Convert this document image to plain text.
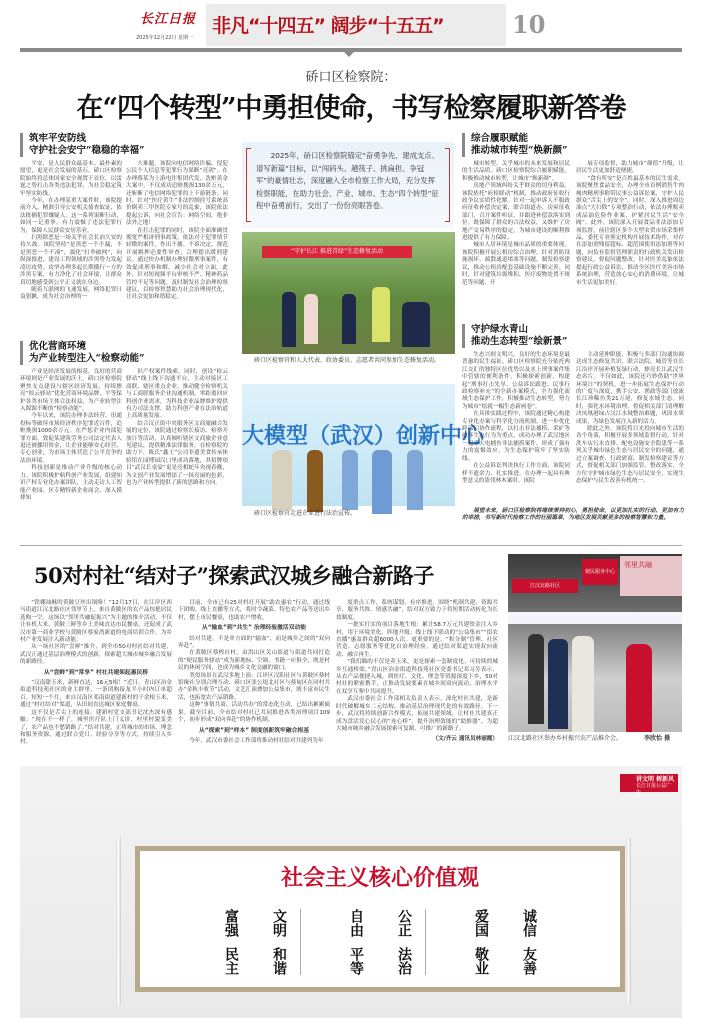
长江日报
2025年12月22日 星期一
非凡“十四五” 阔步“十五五”	10
硚口区检察院：
在“四个转型”中勇担使命，书写检察履职新答卷
筑牢平安防线
守护社会安宁“稳稳的幸福”

平安，是人民群众最基本、最朴素的愿望，更是社会发展的基石。硚口区检察院始终将总体国家安全观置于首位，以雷霆之势打击各类违法犯罪，为社会稳定筑牢坚实防线。

今年，在办理某重大案件时，该院提前介入，精准引导公安机关侦查取证，依法批捕犯罪嫌疑人。这一系列果断行动，如同一记重拳，有力震慑了违法犯罪行为，保障人民群众安居乐业。

扫黑除恶是一场关乎社会长治久安的持久战。该院坚持“是黑恶一个不漏，不是黑恶一个不凑”，强化“打伞破网”，向纵深推进，建设工程领域的涉黑势力发起凌厉攻势。攻坚办理多起长期横行一方的涉黑专案，有力净化了社会环境，让群众真切地感受到公平正义就在身边。

随着互联网的飞速发展，网络犯罪日益猖獗，成为社会治理的一

大难题。该院向电信网络诈骗、侵犯公民个人信息等犯罪行为果断“亮剑”。在办理蔡某为上游电诈集团代发、洗赃黄金大案中，不仅成功追赃挽损130余万元，还斩断了电信网络犯罪的上下游链条。同时，针对“医疗黄牛”非法控制挂号系统高价倒卖三甲医院专家号的乱象，该院依法提起公诉，向社会宣告：网络空间，绝非法外之地！

在打击犯罪的同时，该院全面准确贯彻宽严相济刑事政策。依法对于犯罪情节轻微的案件，作出不捕、不诉决定，规范开展羁押必要性审查，合理提出缓刑建议。通过快办机制办理轻微刑事案件，有效促成刑事和解，减少社会对立面。此外，针对短视频平台审核不严、精神药品管控不足等问题，及时制发社会治理检察建议，以检察智慧助力社会治理现代化，让社会更加和谐稳定。

优化营商环境
为产业转型注入“检察动能”

产业是经济发展的根基，良好的营商环境则是产业发展的沃土。硚口区检察院聚焦支点建设与辖区经济发展，持续擦亮“检云驿站”优化营商环境品牌，平等保护各类市场主体合法权益，为产业转型注入源源不断的“检察动能”。

今年以来，该院办理非法经营、串通投标等破坏市场经济秩序犯罪近百件，追赃挽损1000余万元。在严惩企业内部犯罪方面，敦促某建筑劳务公司法定代表人退还被挪用资金，让企业能够安心经营、专心创业，为市场主体营造了公平竞争的法治环境。

科技创新是推动产业升级的核心动力。该院积极护航科创产业发展，组建知识产权专业化办案团队，主动走访人工智能产业园、区专精特新企业商会，深入摸排知

识产权案件线索。同时，创设“检云驿站”线上线下沟通平台，主动对接区工商联、辖区重点企业，推动健全检察机关与工商联服务企业沟通机制，零距离回应科创企业需求，为科技企业品牌维护提供有力司法支撑，助力科创产业在法治轨道上高质量发展。

结合汉正街中央服务区文商旅融合发展的定位，该院通过检察长接访、检察开放日等活动，认真倾听辖区文商旅企业意见建议，提供精准法律服务。在检察院的助力下，陈氏“鑫王”公司非遗美食传承体验馆在园博园汉口里成功落地，其招牌项目“武汉长桌宴”更是亮相蛇年央视春晚，为文创产业发展增添了一抹亮丽的色彩，也为产业转型提供了新的思路和方向。

2025年，硚口区检察院锚定“奋勇争先、建成支点、谱写新篇”目标，以“闯码头、趟筏子、挑扁担、争冠军”的豪情壮志，深度融入全市检察工作大局，充分发挥检察职能，在助力社会、产业、城市、生态“四个转型”征程中奋勇前行，交出了一份份亮眼答卷。
“守护长江 推进青绿”生态修复活动
硚口区检察官和人大代表、政协委员、志愿者共同参加生态修复活动。
大模型（武汉）创新中心
硚口区检察官走进企业进行法治宣传。
综合履职赋能
推动城市转型“焕新颜”

城市转型，关乎城市的未来发展和居民的生活品质。硚口区检察院综合履职赋能，积极推动城市转型，让城市“焕新颜”。

房地产领域纠纷关乎群众的切身利益。该院依托“府检联动”机制，推动政府征收行政争议实质性化解。针对一起申诉人不服政府征收补偿决定案，联合街道办、房屋征收部门，召开案件听证，并跟进补偿款落实到位。既保障了群众的合法权益，又维护了房地产交易秩序的稳定，为城市建设的顺利推进提供了有力保障。

城市人居环境是城市品质的重要体现。该院积极开展公租房综合治理，针对消防设施损坏、疏散通道堵塞等问题，制发检察建议，推动公租房配套基础设施不断完善。同时，针对建筑垃圾堆积、医疗废物处置不规范等问题，开

展专项监督，助力城市“颜值”升级，让居民生活更加舒适便捷。

“食有所安”是百姓最基本的民生需求。该院聚焦食品安全，办理全市首例销售牛肉瘦肉精刑事附带民事公益诉讼案，守护人民群众“舌尖上的安全”。同时，深入推进周边油点“大扫除”专项整治行动，依法办理贩卖成品油危险作业案，护紧居民生活“安全阀”。此外，该院深入开展食品非法添加专项监督，前往辖区多个大型农贸市场采集样品，委托专业鉴定机构开展技术协作，对存在添加剂残留超标、超范围使用添加剂等问题，向负有监督管理职责的行政机关发出检察建议，督促问题整改。针对医美乱象依法提起行政公益诉讼，推动全区医疗美容市场系统治理，营造放心安心的消费环境，让城市生活更加美好。

守护绿水青山
推动生态转型“绘新景”

生态兴则文明兴，良好的生态环境是最普惠的民生福祉。硚口区检察院充分依托两江交汇的独特区位优势以及水上刑事案件集中管辖的便利条件，积极探索创新，构建起“刑事打击先导、公益诉讼跟进、民事行政检察补充”的全新办案模式，全力强化流域生态保护工作，积极推动生态转型，努力为城市“绘就一幅生态新画卷”。

在具体实践过程中，该院通过精心构建专业化办案与科学化分流机制，进一步优化跨部门协作流程，以打击非法捕捞、采矿等破坏生态行为为重点，成功办理了武汉地区一起重大电捕鱼非法捕捞案件，形成了强有力的震慑效应，为生态保护筑牢了坚实防线。

在公益诉讼判决执行工作方面，该院同样不遗余力、扎实推进。在办理一起具有典型意义的盗伐林木案时，该院

主动延伸职能，积极与多部门沟通协调达成生态修复共识，联合法院、城管等在长江沿岸开展补植复绿行动，擦亮长江武汉生态名片。不仅如此，该院还巧妙借助“世界环境日”的契机，进一步拓展生态保护行动的广度与深度，携手公安、渔政等部门放流长江珍稀鱼类21万尾，修复水域生态。同时，强化水环境治理，督促相关部门清理解决凤凰港绿占汉江水域整治难题，巩固水质成果，为绿色发展注入新的活力。

除此之外，该院将目光投向城市生活的各个角落，积极开展多领域监督行动，针对洗车店污水直排、配电设施安全隐患等一系列关乎城市绿色生态与居民安全的问题，通过立案调查、行政磋商、制发检察建议等方式，督促相关部门加强监管、整改落实，全方位守护城市绿色生态与居民安全，实现生态保护与民生改善有机统一。

展望未来，硚口区检察院将继续秉持初心，勇担使命，以更加扎实的行动、更加有力的举措，书写新时代检察工作的壮丽篇章，为地区发展贡献更多的检察智慧和力量。
50对村社“结对子”探索武汉城乡融合新路子

“铁棚油酥的黄陂豆丝出锅咯！”12月17日，在江岸区西马街道江汉北路社区邻里节上，来自黄陂区的农产品惊艳居民选购一空。这场以“邻里共融促振兴”为主题的推介活动，不仅让有机大米、黄陂三鲜等乡土美味直达市民餐桌，还促成了武汉市第一商业学校与黄陂区蔡家湾新道的电商培训合作，为乡村产业发展注入新动能。

从一场社区的“尝鲜”推介，到全市50对村社结对共建，武汉正通过基层治理模式的创新，探索超大城市城乡融合发展的新路径。

从“尝鲜”到“常享” 村社共建架起惠民桥

“汉南甜玉米，新鲜直达，16元5根！”近日，青山区冶金街道科技苑社区的业主群里，一条团购接龙半小时内订单超百。短短一个月，来自汉南区邓南街道建新村的千余根玉米，通过“村社结对”渠道，从田间直达城区家庭餐桌。

这不仅是舌尖上的连接。建新村党支部书记沈杰深有感触：“现在不一样了，城里医疗队上门义诊，村里村貌变美了，农产品也不愁销路了。”结对共建，正将城市的市场、理念和服务资源，通过联合党日、经验分享等方式，持续引入乡村。

目前，全市已有25对村社开展“助农惠农”行动，通过线下团购、线上直播等方式，将时令蔬菜、特色农产品等送出乡村，摆上市民餐桌，也助农户增收。

从“输血”到“共生” 治理经验激活双动能

结对共建，不是单方面的“输血”，而是城乡之间的“双向奔赴”。

在黄陂区蔡榨社村，由洪山区关山街道与街道共同打造的“便民服务驿站”成为新地标，空调、书籍一应俱全，既是村民的休闲空间，也成为城乡文化交融的窗口。

类似场景在武汉多地上演：江岸区汉阳社区与黄陂区蔡村馆缘社分别合理互动；硚口区张公堤北社区与蔡甸区在同村共办“金秋丰收节”活动，文艺汇演叠加公益集市，既丰富市民生活，也拓宽农产品销路。

这种“事情共商、活动共办”的常态化互动，已结出累累硕果。截至目前，全市结对村社已共同推进各类治理项目109个，初步形成“双向奔赴”的协作机制。

从“探索”到“样本” 制度创新筑牢融合根基

今年，武汉市委社会工作部将推动村社结对共建列为年

度重点工作，系统谋划、有序推进。围绕“机制共建、资源共享、服务共推、情感共融”，结对双方致力于将短期活动转化为长效制度。

一批实打实的项目落地生根：累计58.7万元共建资金注入乡村，用于环境美化、阵地升级；线上线下联动的“公益集市”“街农直播”惠及群众超6000人次。更重要的是，“积分制”管理、社区营造、志愿服务等优化自治理经验，通过结对渠道实现双向流动、融合再生。

“我们瞄的不仅是卖玉米，更是探索一套制度化、可持续的城乡互通桥梁。”青山区冶金街道科技苑社区党委书记邓习芳表示，从农产品便捷入城，到医疗、文化、理念等资源深度下乡，50对村社的紧密携手，正推动发展要素在城乡间双向流动，治理水平在双享互鉴中共同提升。

武汉市委社会工作部相关负责人表示，深化村社共建，是新时代破解城乡二元结构、推动基层治理现代化的有效路径。下一步，武汉将持续创新合作模式，拓展共建领域，让村社共建真正成为盘活党心民心的“连心桥”，提升治理效能的“助推器”，为超大城市城乡融合发展探索可复制、可推广的新路子。

（文/齐云 通讯员林丽霞）
邻里共融
江汉北路社区
便民服务中心
江汉北路社区举办乡村振兴农产品推介会。	李欣怡 摄
讲文明 树新风
长江日报公益广告
社会主义核心价值观
富强
民主
文明
和谐
自由
平等
公正
法治
爱国
敬业
诚信
友善
